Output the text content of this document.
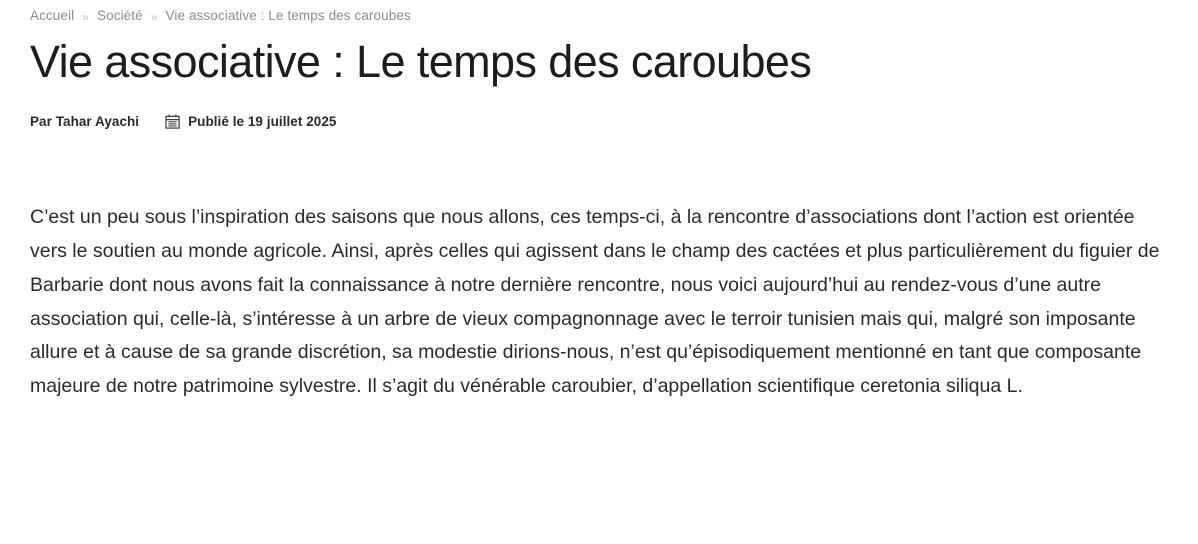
Accueil » Société » Vie associative : Le temps des caroubes
Vie associative : Le temps des caroubes
Par Tahar Ayachi	Publié le 19 juillet 2025

C’est un peu sous l’inspiration des saisons que nous allons, ces temps-ci, à la rencontre d’associations dont l’action est orientée vers le soutien au monde agricole. Ainsi, après celles qui agissent dans le champ des cactées et plus particulièrement du figuier de Barbarie dont nous avons fait la connaissance à notre dernière rencontre, nous voici aujourd’hui au rendez-vous d’une autre association qui, celle-là, s’intéresse à un arbre de vieux compagnonnage avec le terroir tunisien mais qui, malgré son imposante allure et à cause de sa grande discrétion, sa modestie dirions-nous, n’est qu’épisodiquement mentionné en tant que composante majeure de notre patrimoine sylvestre. Il s’agit du vénérable caroubier, d’appellation scientifique ceretonia siliqua L.
